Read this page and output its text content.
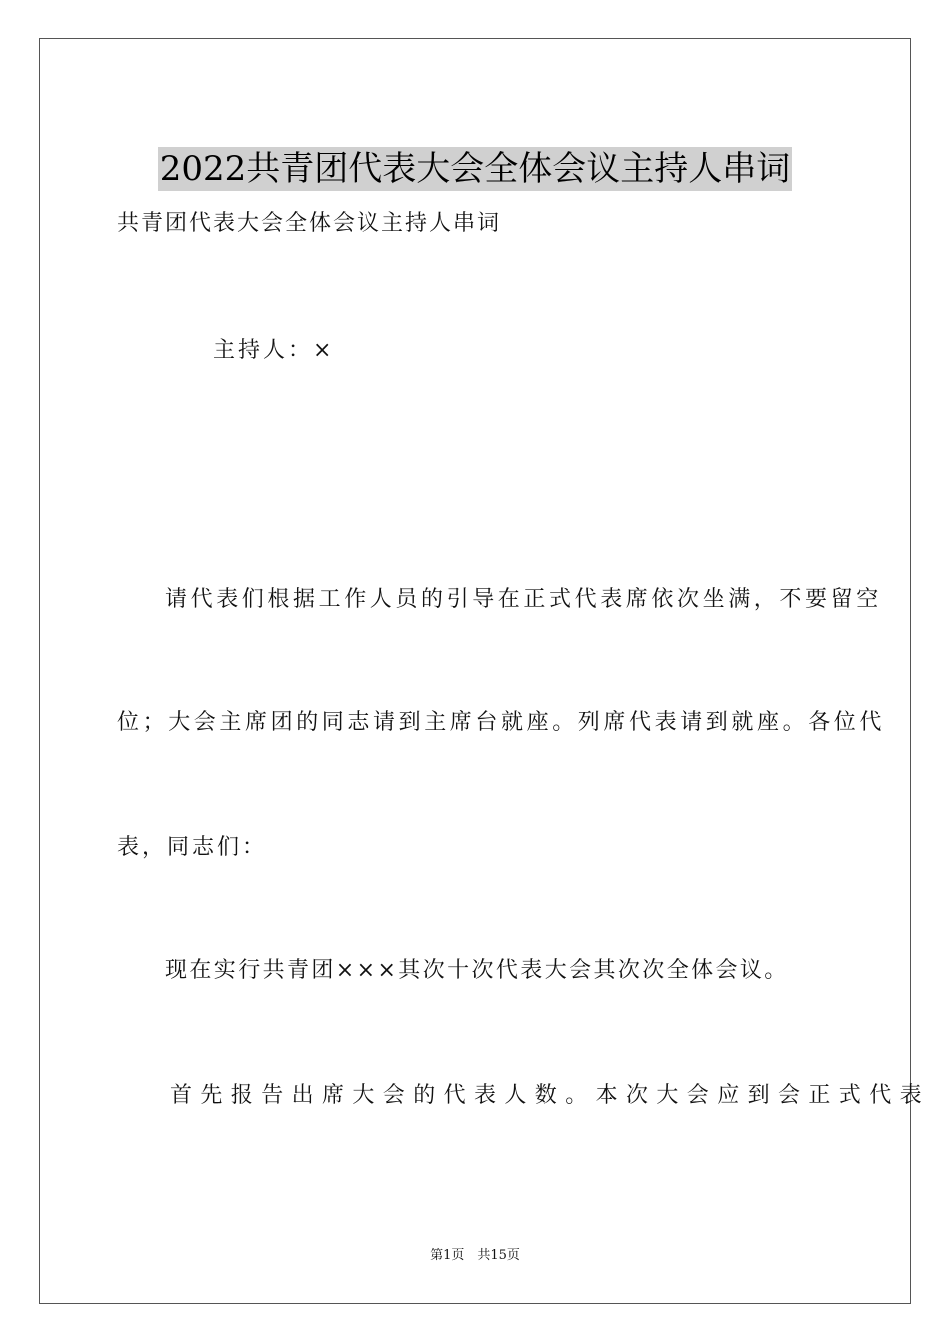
2022共青团代表大会全体会议主持人串词
共青团代表大会全体会议主持人串词
主持人：×
请代表们根据工作人员的引导在正式代表席依次坐满，不要留空
位；大会主席团的同志请到主席台就座。列席代表请到就座。各位代
表，同志们：
现在实行共青团×××其次十次代表大会其次次全体会议。
首先报告出席大会的代表人数。本次大会应到会正式代表
第1页　共15页
